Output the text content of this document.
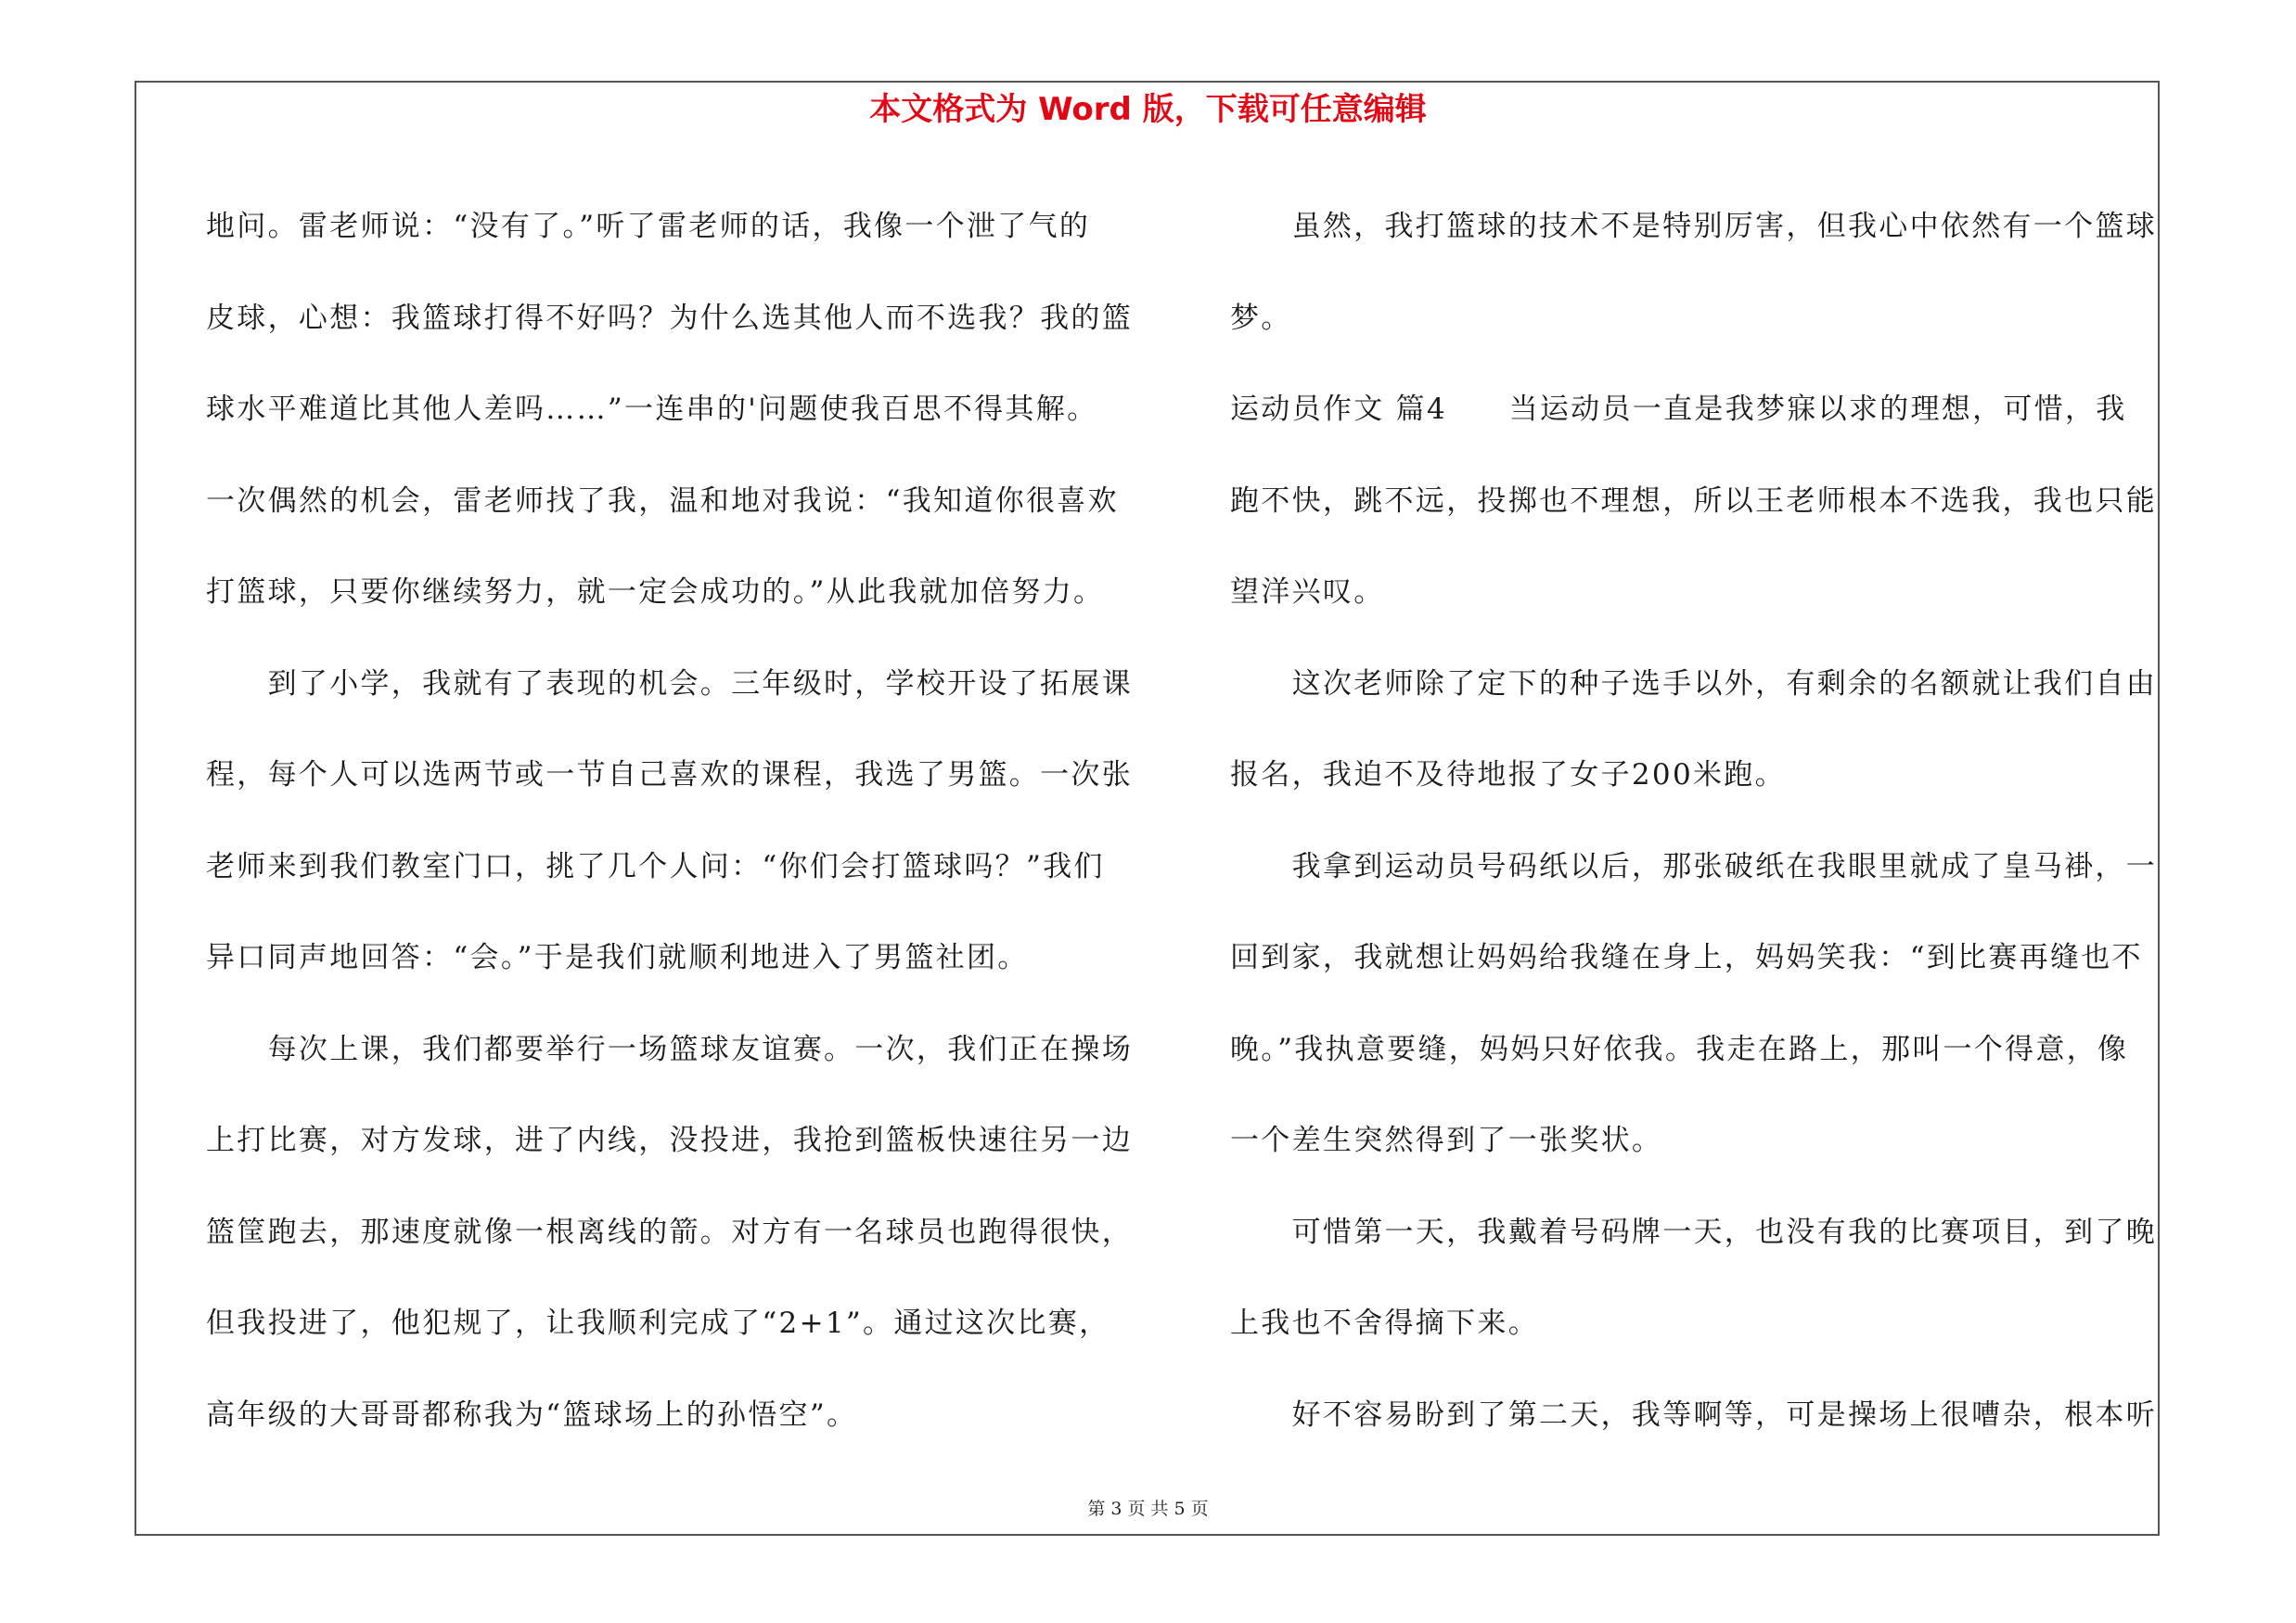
本文格式为 Word 版，下载可任意编辑
地问。雷老师说：“没有了。”听了雷老师的话，我像一个泄了气的
皮球，心想：我篮球打得不好吗？为什么选其他人而不选我？我的篮
球水平难道比其他人差吗……”一连串的'问题使我百思不得其解。
一次偶然的机会，雷老师找了我，温和地对我说：“我知道你很喜欢
打篮球，只要你继续努力，就一定会成功的。”从此我就加倍努力。
　　到了小学，我就有了表现的机会。三年级时，学校开设了拓展课
程，每个人可以选两节或一节自己喜欢的课程，我选了男篮。一次张
老师来到我们教室门口，挑了几个人问：“你们会打篮球吗？”我们
异口同声地回答：“会。”于是我们就顺利地进入了男篮社团。
　　每次上课，我们都要举行一场篮球友谊赛。一次，我们正在操场
上打比赛，对方发球，进了内线，没投进，我抢到篮板快速往另一边
篮筐跑去，那速度就像一根离线的箭。对方有一名球员也跑得很快，
但我投进了，他犯规了，让我顺利完成了“2+1”。通过这次比赛，
高年级的大哥哥都称我为“篮球场上的孙悟空”。
　　虽然，我打篮球的技术不是特别厉害，但我心中依然有一个篮球
梦。
运动员作文 篇4　　当运动员一直是我梦寐以求的理想，可惜，我
跑不快，跳不远，投掷也不理想，所以王老师根本不选我，我也只能
望洋兴叹。
　　这次老师除了定下的种子选手以外，有剩余的名额就让我们自由
报名，我迫不及待地报了女子200米跑。
　　我拿到运动员号码纸以后，那张破纸在我眼里就成了皇马褂，一
回到家，我就想让妈妈给我缝在身上，妈妈笑我：“到比赛再缝也不
晚。”我执意要缝，妈妈只好依我。我走在路上，那叫一个得意，像
一个差生突然得到了一张奖状。
　　可惜第一天，我戴着号码牌一天，也没有我的比赛项目，到了晚
上我也不舍得摘下来。
　　好不容易盼到了第二天，我等啊等，可是操场上很嘈杂，根本听
第 3 页 共 5 页
